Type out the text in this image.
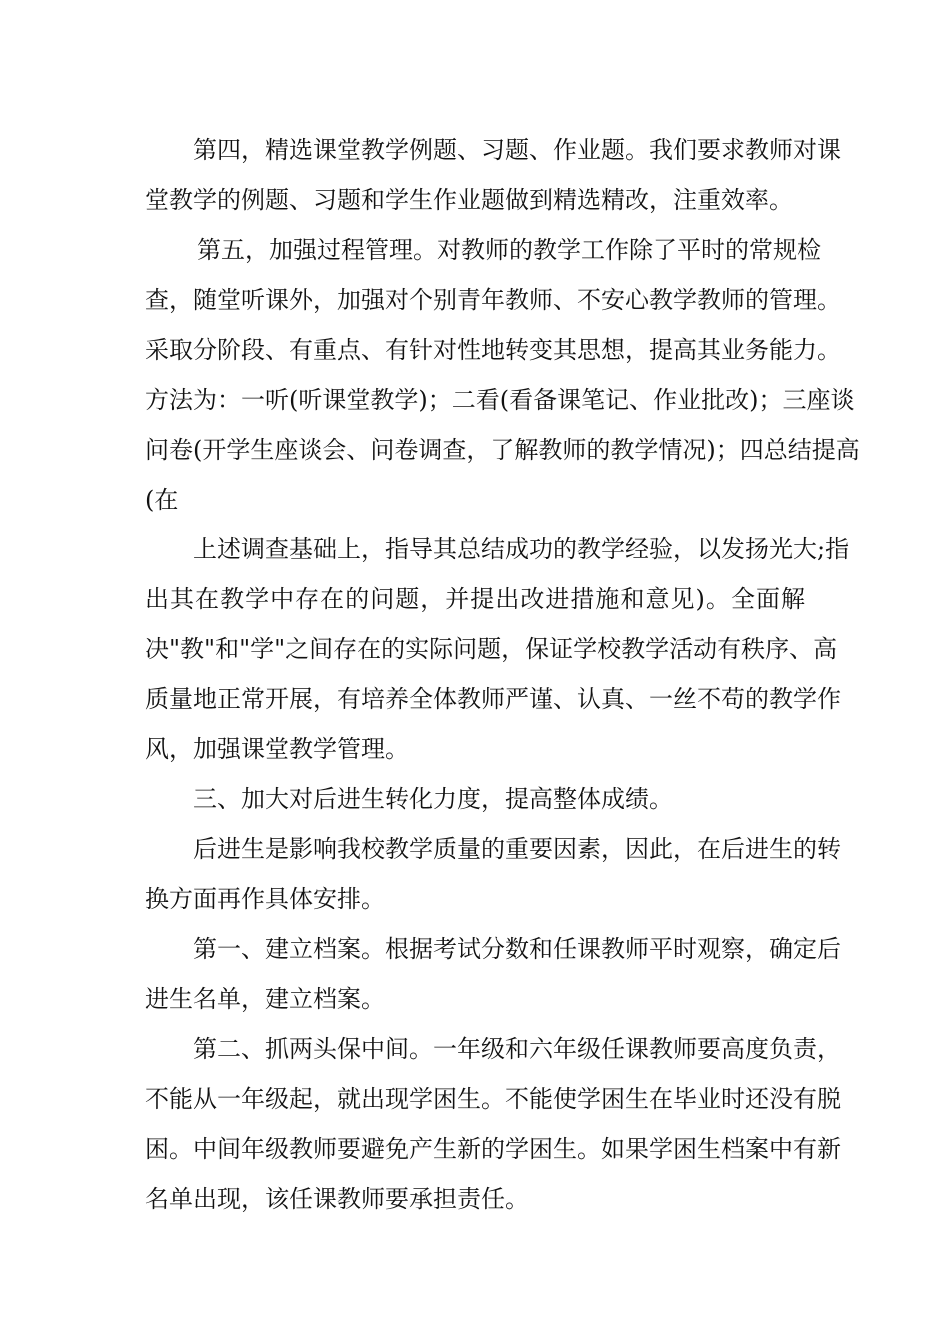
第四，精选课堂教学例题、习题、作业题。我们要求教师对课
堂教学的例题、习题和学生作业题做到精选精改，注重效率。
第五，加强过程管理。对教师的教学工作除了平时的常规检
查，随堂听课外，加强对个别青年教师、不安心教学教师的管理。
采取分阶段、有重点、有针对性地转变其思想，提高其业务能力。
方法为：一听(听课堂教学)；二看(看备课笔记、作业批改)；三座谈
问卷(开学生座谈会、问卷调查，了解教师的教学情况)；四总结提高
(在
上述调查基础上，指导其总结成功的教学经验，以发扬光大;指
出其在教学中存在的问题，并提出改进措施和意见)。全面解
决"教"和"学"之间存在的实际问题，保证学校教学活动有秩序、高
质量地正常开展，有培养全体教师严谨、认真、一丝不苟的教学作
风，加强课堂教学管理。
三、加大对后进生转化力度，提高整体成绩。
后进生是影响我校教学质量的重要因素，因此，在后进生的转
换方面再作具体安排。
第一、建立档案。根据考试分数和任课教师平时观察，确定后
进生名单，建立档案。
第二、抓两头保中间。一年级和六年级任课教师要高度负责，
不能从一年级起，就出现学困生。不能使学困生在毕业时还没有脱
困。中间年级教师要避免产生新的学困生。如果学困生档案中有新
名单出现，该任课教师要承担责任。
